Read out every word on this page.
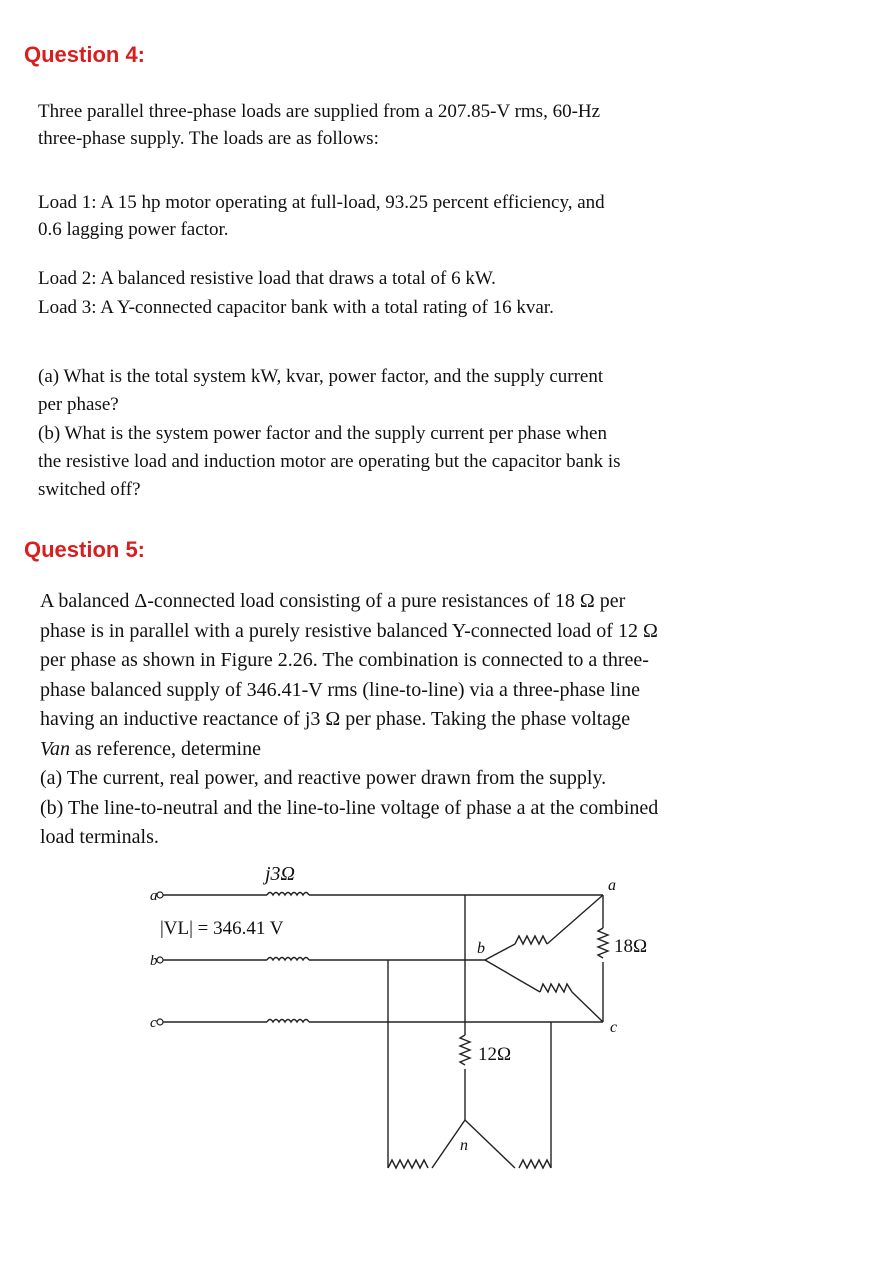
Question 4:

Three parallel three-phase loads are supplied from a 207.85-V rms, 60-Hz

three-phase supply. The loads are as follows:

Load 1: A 15 hp motor operating at full-load, 93.25 percent efficiency, and

0.6 lagging power factor.

Load 2: A balanced resistive load that draws a total of 6 kW.

Load 3: A Y-connected capacitor bank with a total rating of 16 kvar.

(a) What is the total system kW, kvar, power factor, and the supply current

per phase?

(b) What is the system power factor and the supply current per phase when

the resistive load and induction motor are operating but the capacitor bank is

switched off?

Question 5:

A balanced Δ-connected load consisting of a pure resistances of 18 Ω per

phase is in parallel with a purely resistive balanced Y-connected load of 12 Ω

per phase as shown in Figure 2.26. The combination is connected to a three-

phase balanced supply of 346.41-V rms (line-to-line) via a three-phase line

having an inductive reactance of j3 Ω per phase. Taking the phase voltage

Van as reference, determine

(a) The current, real power, and reactive power drawn from the supply.

(b) The line-to-neutral and the line-to-line voltage of phase a at the combined

load terminals.

j3Ω
|VL| = 346.41 V
a
b
c
a
b
c
18Ω
12Ω
n
